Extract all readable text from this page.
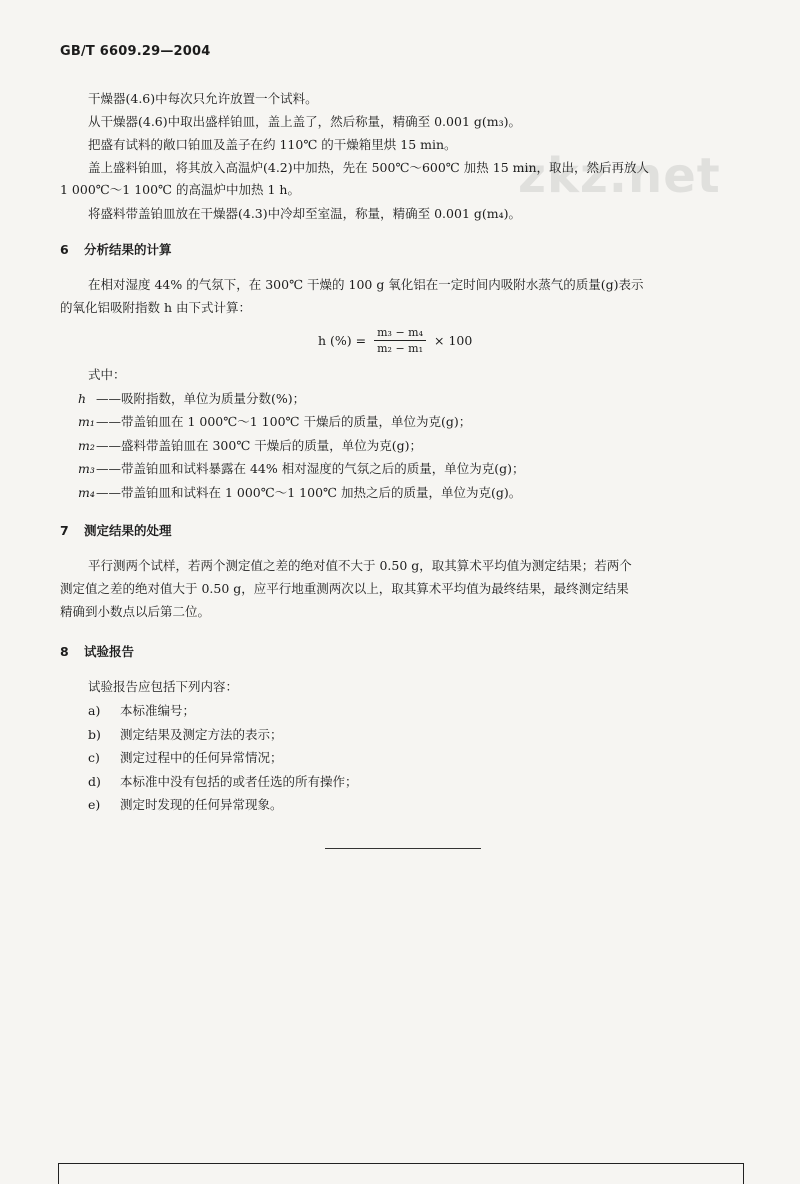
zkz.net
GB/T 6609.29—2004
干燥器(4.6)中每次只允许放置一个试料。
从干燥器(4.6)中取出盛样铂皿，盖上盖了，然后称量，精确至 0.001 g(m₃)。
把盛有试料的敞口铂皿及盖子在约 110℃ 的干燥箱里烘 15 min。
盖上盛料铂皿，将其放入高温炉(4.2)中加热，先在 500℃～600℃ 加热 15 min，取出，然后再放人
1 000℃～1 100℃ 的高温炉中加热 1 h。
将盛料带盖铂皿放在干燥器(4.3)中冷却至室温，称量，精确至 0.001 g(m₄)。
6 分析结果的计算
在相对湿度 44% 的气氛下，在 300℃ 干燥的 100 g 氧化铝在一定时间内吸附水蒸气的质量(g)表示
的氧化铝吸附指数 h 由下式计算：
h (%) = $\frac{\text{m₃ − m₄}}{\text{m₂ − m₁}} \times 100$
式中：
h ——吸附指数，单位为质量分数(%)；
m₁——带盖铂皿在 1 000℃～1 100℃ 干燥后的质量，单位为克(g)；
m₂——盛料带盖铂皿在 300℃ 干燥后的质量，单位为克(g)；
m₃——带盖铂皿和试料暴露在 44% 相对湿度的气氛之后的质量，单位为克(g)；
m₄——带盖铂皿和试料在 1 000℃～1 100℃ 加热之后的质量，单位为克(g)。
7 测定结果的处理
平行测两个试样，若两个测定值之差的绝对值不大于 0.50 g，取其算术平均值为测定结果；若两个
测定值之差的绝对值大于 0.50 g，应平行地重测两次以上，取其算术平均值为最终结果，最终测定结果
精确到小数点以后第二位。
8 试验报告
试验报告应包括下列内容：
a) 本标准编号；
b) 测定结果及测定方法的表示；
c) 测定过程中的任何异常情况；
d) 本标准中没有包括的或者任选的所有操作；
e) 测定时发现的任何异常现象。
